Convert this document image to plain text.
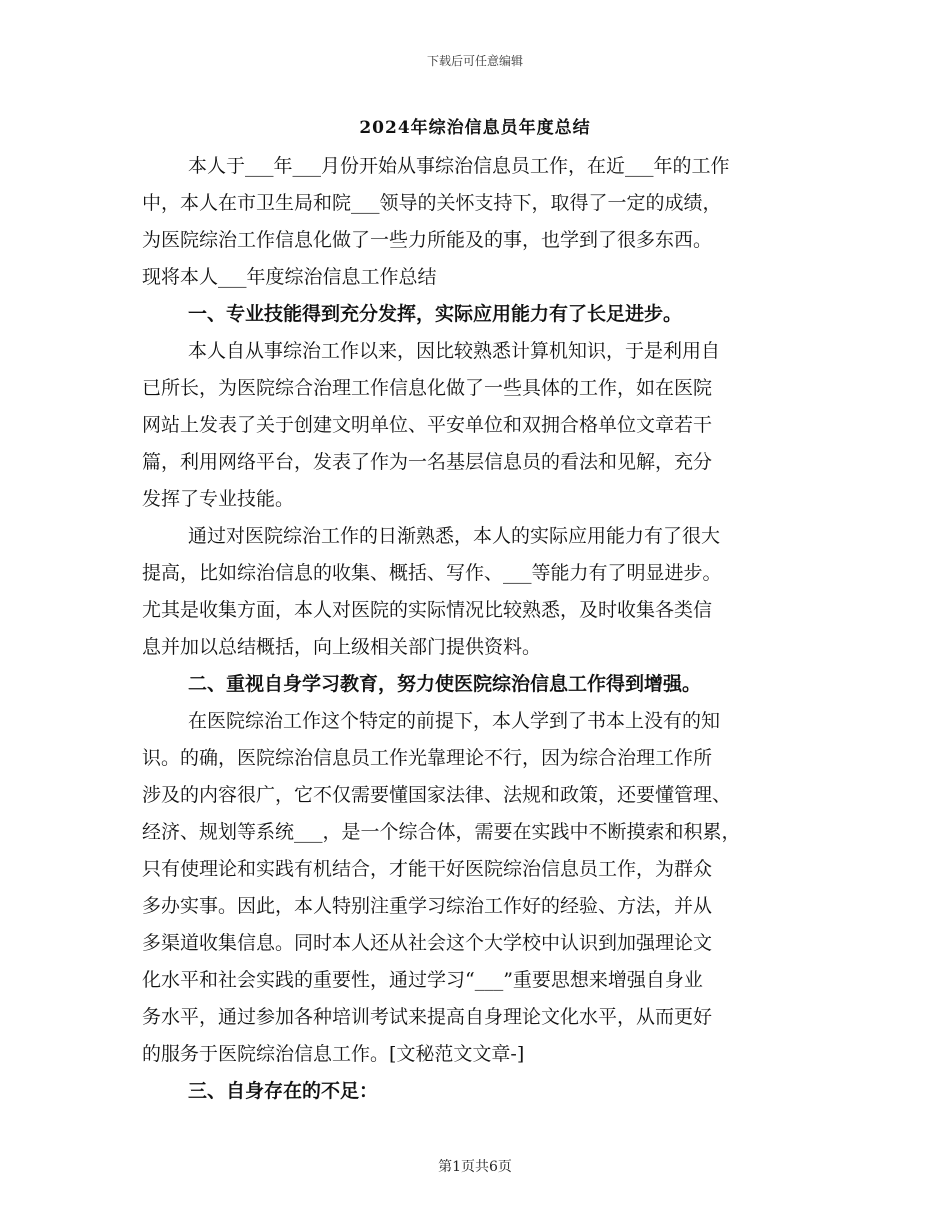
下载后可任意编辑
2024年综治信息员年度总结

本人于___年___月份开始从事综治信息员工作，在近___年的工作

中，本人在市卫生局和院___领导的关怀支持下，取得了一定的成绩，

为医院综治工作信息化做了一些力所能及的事，也学到了很多东西。

现将本人___年度综治信息工作总结

一、专业技能得到充分发挥，实际应用能力有了长足进步。

本人自从事综治工作以来，因比较熟悉计算机知识，于是利用自

已所长，为医院综合治理工作信息化做了一些具体的工作，如在医院

网站上发表了关于创建文明单位、平安单位和双拥合格单位文章若干

篇，利用网络平台，发表了作为一名基层信息员的看法和见解，充分

发挥了专业技能。

通过对医院综治工作的日渐熟悉，本人的实际应用能力有了很大

提高，比如综治信息的收集、概括、写作、___等能力有了明显进步。

尤其是收集方面，本人对医院的实际情况比较熟悉，及时收集各类信

息并加以总结概括，向上级相关部门提供资料。

二、重视自身学习教育，努力使医院综治信息工作得到增强。

在医院综治工作这个特定的前提下，本人学到了书本上没有的知

识。的确，医院综治信息员工作光靠理论不行，因为综合治理工作所

涉及的内容很广，它不仅需要懂国家法律、法规和政策，还要懂管理、

经济、规划等系统___，是一个综合体，需要在实践中不断摸索和积累，

只有使理论和实践有机结合，才能干好医院综治信息员工作，为群众

多办实事。因此，本人特别注重学习综治工作好的经验、方法，并从

多渠道收集信息。同时本人还从社会这个大学校中认识到加强理论文

化水平和社会实践的重要性，通过学习“___”重要思想来增强自身业

务水平，通过参加各种培训考试来提高自身理论文化水平，从而更好

的服务于医院综治信息工作。[文秘范文文章-]

三、自身存在的不足：

第1页共6页
